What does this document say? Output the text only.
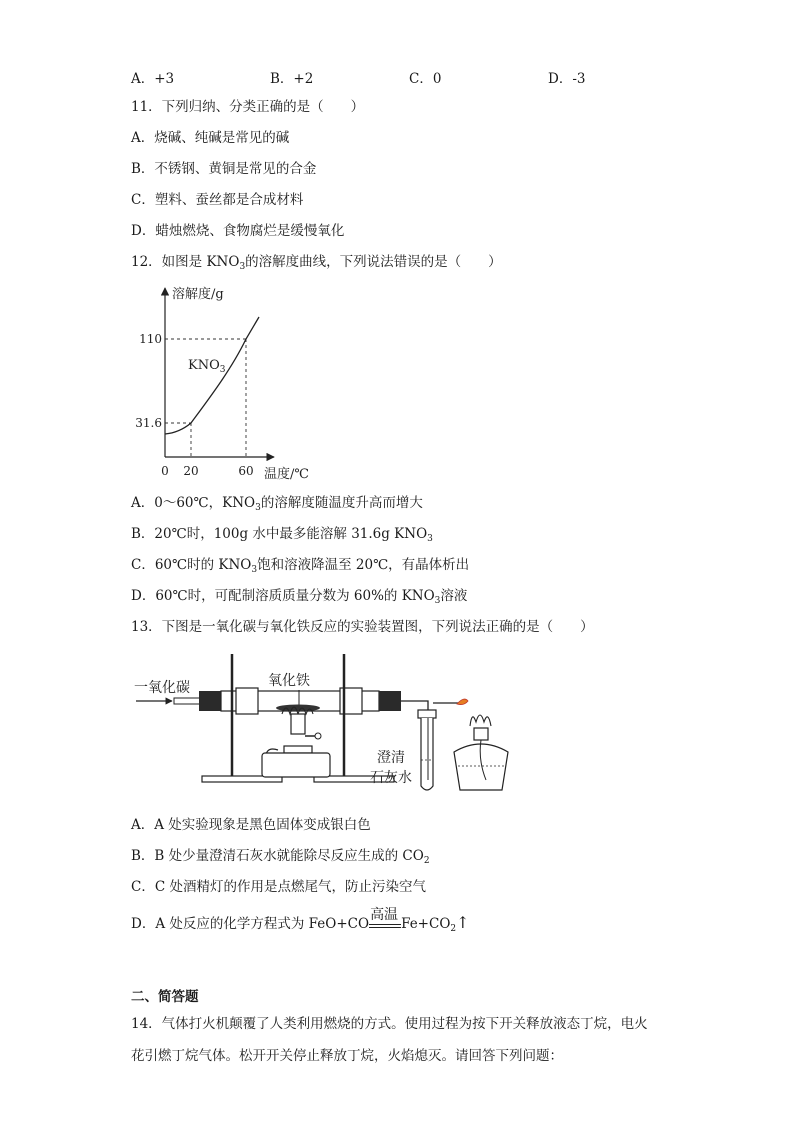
A．+3	B．+2	C．0	D．-3
11．下列归纳、分类正确的是（　　）
A．烧碱、纯碱是常见的碱
B．不锈钢、黄铜是常见的合金
C．塑料、蚕丝都是合成材料
D．蜡烛燃烧、食物腐烂是缓慢氧化
12．如图是 $KNO_3$的溶解度曲线，下列说法错误的是（　　）
溶解度/g
温度/℃
0 20	60
110
31.6
$KNO_3$
A．0～60℃，$KNO_3$的溶解度随温度升高而增大
B．20℃时，100g 水中最多能溶解 31.6g $KNO_3$
C．60℃时的 $KNO_3$饱和溶液降温至 20℃，有晶体析出
D．60℃时，可配制溶质质量分数为 60%的 $KNO_3$溶液
13．下图是一氧化碳与氧化铁反应的实验装置图，下列说法正确的是（　　）
一氧化碳	氧化铁
澄清
石灰水
A．A 处实验现象是黑色固体变成银白色
B．B 处少量澄清石灰水就能除尽反应生成的 $CO_2$
C．C 处酒精灯的作用是点燃尾气，防止污染空气
D．A 处反应的化学方程式为 FeO+CO
高温
$Fe+CO_2↑$
二、简答题
14．气体打火机颠覆了人类利用燃烧的方式。使用过程为按下开关释放液态丁烷，电火
花引燃丁烷气体。松开开关停止释放丁烷，火焰熄灭。请回答下列问题：
